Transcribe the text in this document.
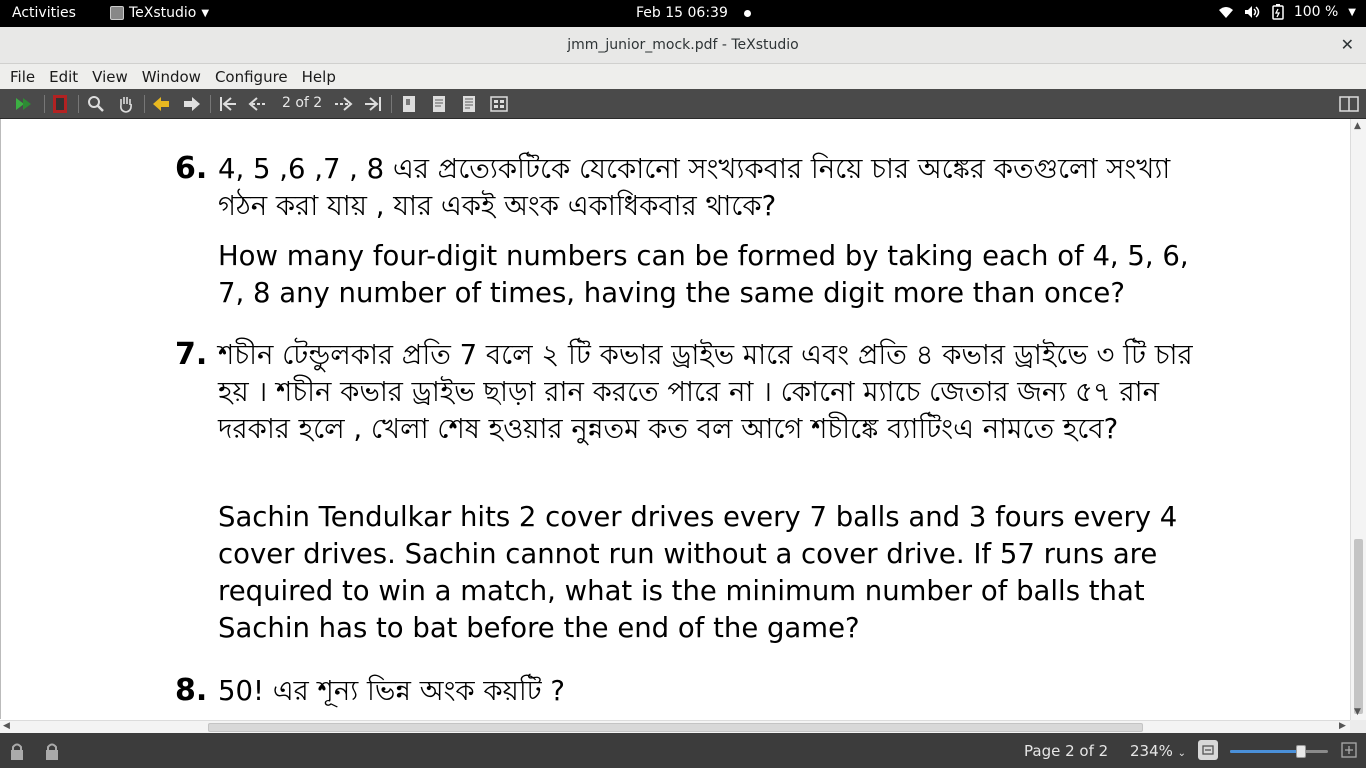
Activities	TeXstudio ▼	Feb 15 06:39	100 % ▼
jmm_junior_mock.pdf - TeXstudio	✕
File Edit View Window Configure Help
2 of 2
6. 4, 5 ,6 ,7 , 8 এর প্রত্যেকটিকে যেকোনো সংখ্যকবার নিয়ে চার অঙ্কের কতগুলো সংখ্যা গঠন করা যায় , যার একই অংক একাধিকবার থাকে?
How many four-digit numbers can be formed by taking each of 4, 5, 6, 7, 8 any number of times, having the same digit more than once?
7. শচীন টেন্ডুলকার প্রতি 7 বলে ২ টি কভার ড্রাইভ মারে এবং প্রতি ৪ কভার ড্রাইভে ৩ টি চার হয় । শচীন কভার ড্রাইভ ছাড়া রান করতে পারে না । কোনো ম্যাচে জেতার জন্য ৫৭ রান দরকার হলে , খেলা শেষ হওয়ার নুন্নতম কত বল আগে শচীঙ্কে ব্যাটিংএ নামতে হবে?
Sachin Tendulkar hits 2 cover drives every 7 balls and 3 fours every 4 cover drives. Sachin cannot run without a cover drive. If 57 runs are required to win a match, what is the minimum number of balls that Sachin has to bat before the end of the game?
8. 50! এর শূন্য ভিন্ন অংক কয়টি ?
▲
▼
◀	▶
Page 2 of 2 234% ⌄
